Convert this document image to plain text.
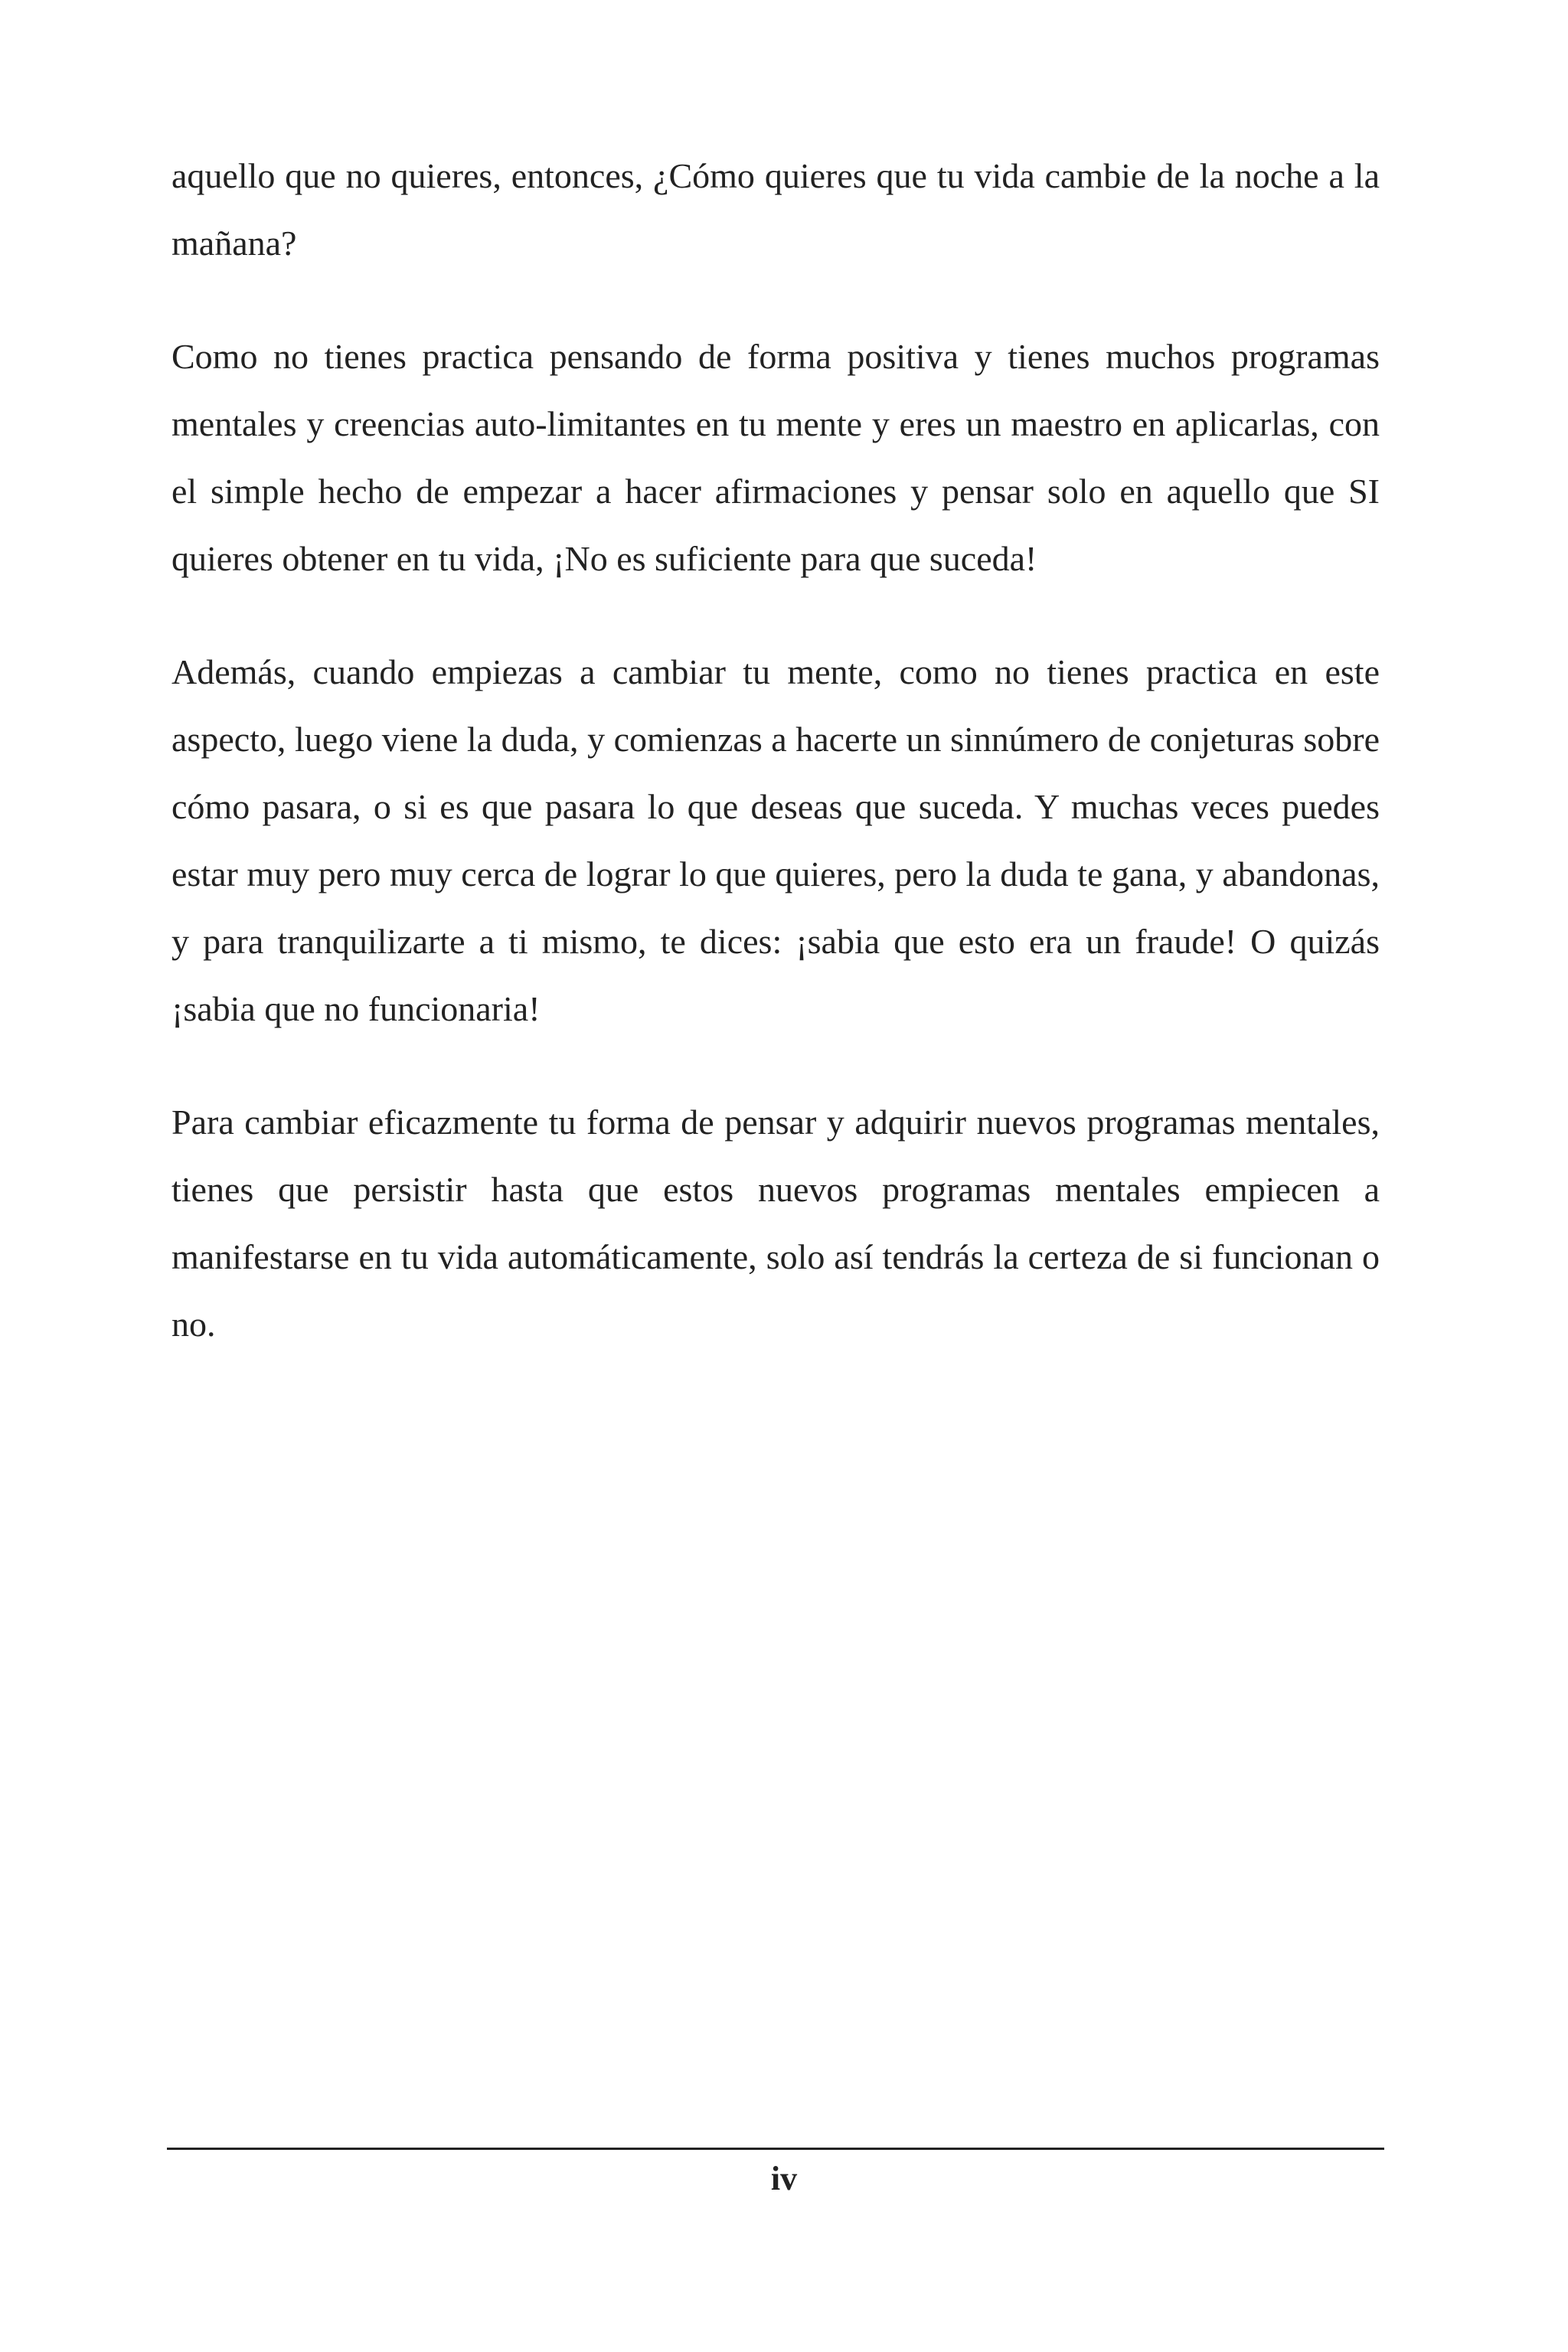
aquello que no quieres, entonces, ¿Cómo quieres que tu vida cambie de la noche a la mañana?

Como no tienes practica pensando de forma positiva y tienes muchos programas mentales y creencias auto-limitantes en tu mente y eres un maestro en aplicarlas, con el simple hecho de empezar a hacer afirmaciones y pensar solo en aquello que SI quieres obtener en tu vida, ¡No es suficiente para que suceda!

Además, cuando empiezas a cambiar tu mente, como no tienes practica en este aspecto, luego viene la duda, y comienzas a hacerte un sinnúmero de conjeturas sobre cómo pasara, o si es que pasara lo que deseas que suceda. Y muchas veces puedes estar muy pero muy cerca de lograr lo que quieres, pero la duda te gana, y abandonas, y para tranquilizarte a ti mismo, te dices: ¡sabia que esto era un fraude! O quizás ¡sabia que no funcionaria!

Para cambiar eficazmente tu forma de pensar y adquirir nuevos programas mentales, tienes que persistir hasta que estos nuevos programas mentales empiecen a manifestarse en tu vida automáticamente, solo así tendrás la certeza de si funcionan o no.

iv
